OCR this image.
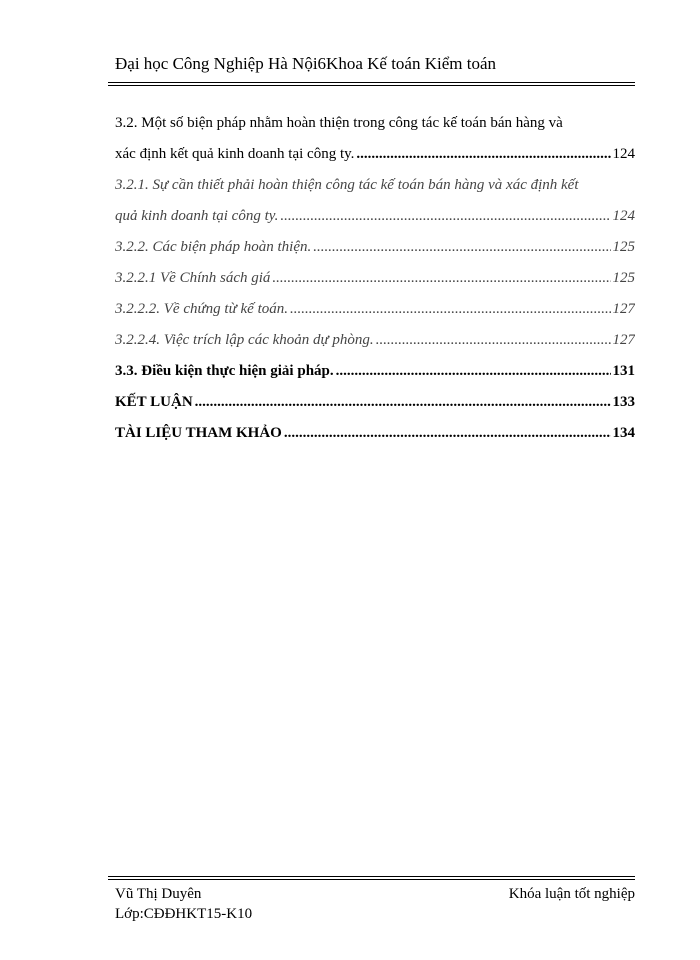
Đại học Công Nghiệp Hà Nội6Khoa Kế toán Kiểm toán
3.2. Một số biện pháp nhằm hoàn thiện trong công tác kế toán bán hàng và
xác định kết quả kinh doanh tại công ty. .....	124
3.2.1. Sự cần thiết phải hoàn thiện công tác kế toán bán hàng và xác định kết
quả kinh doanh tại công ty. .....	124
3.2.2. Các biện pháp hoàn thiện. .....	125
3.2.2.1 Về Chính sách giá .....	125
3.2.2.2. Về chứng từ kế toán. .....	127
3.2.2.4. Việc trích lập các khoản dự phòng. .....	127
3.3. Điều kiện thực hiện giải pháp. .....	131
KẾT LUẬN .....	133
TÀI LIỆU THAM KHẢO .....	134
Vũ Thị Duyên	Khóa luận tốt nghiệp
Lớp:CĐĐHKT15-K10
